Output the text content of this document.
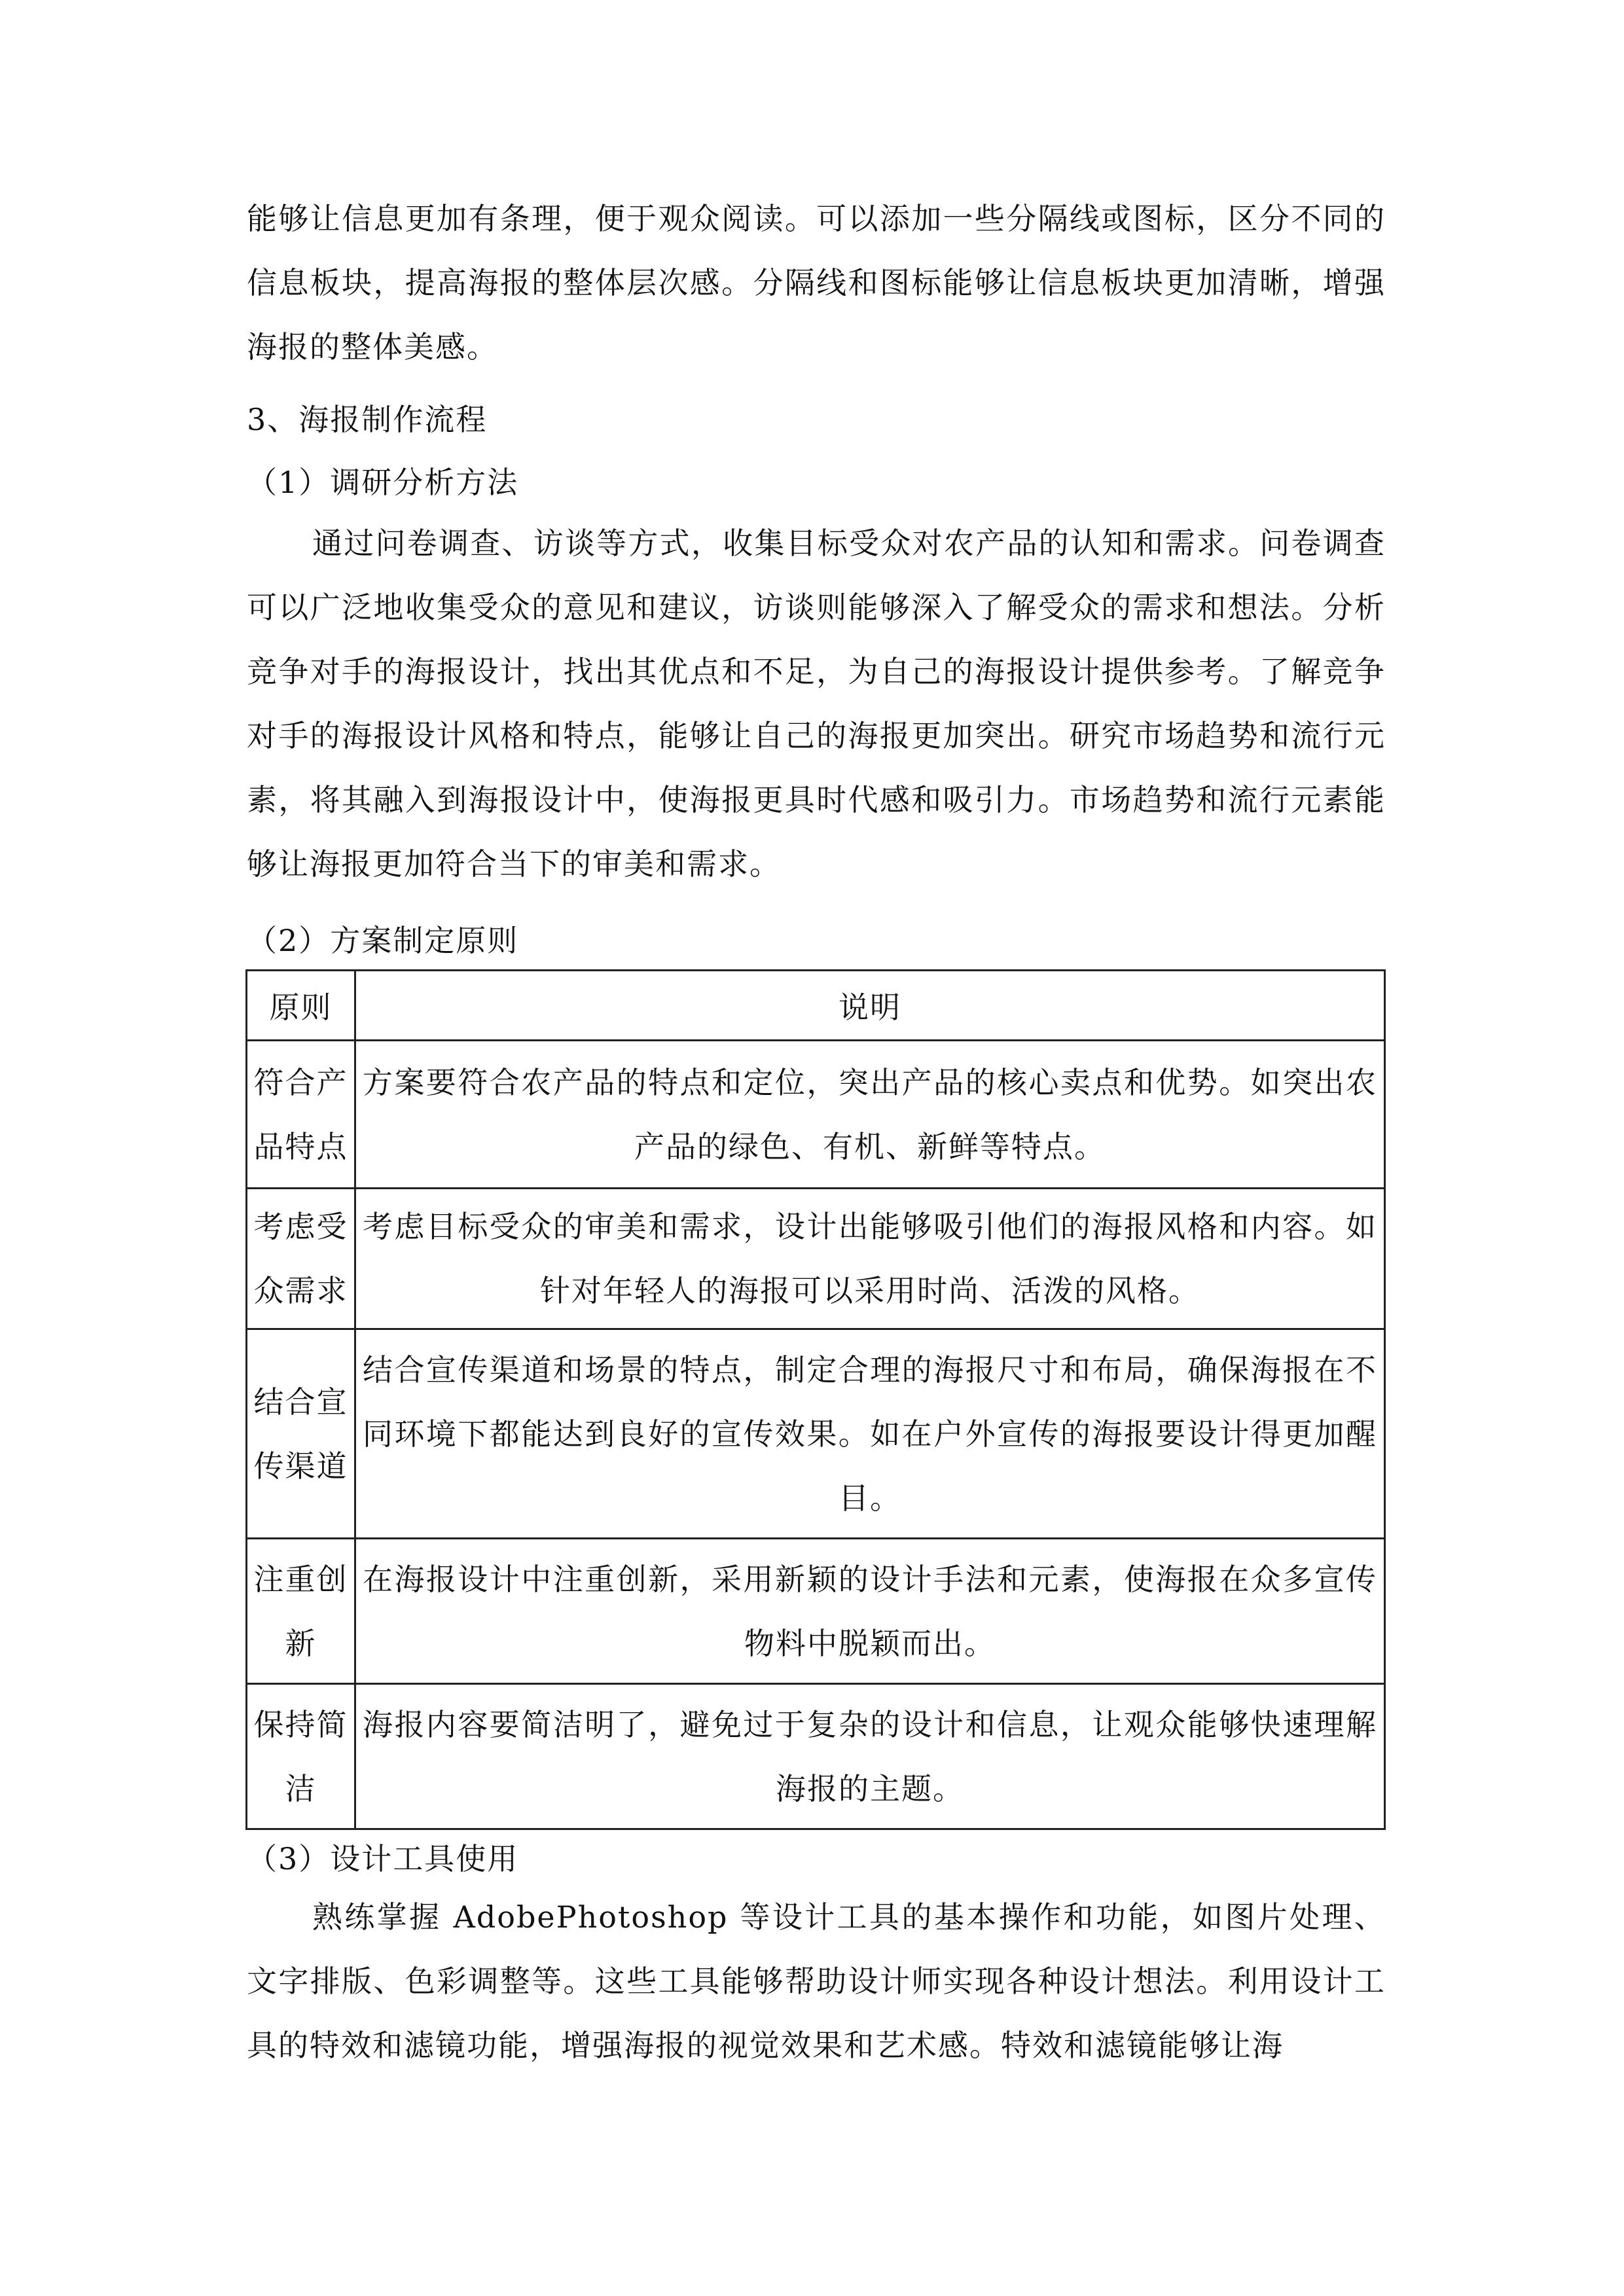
能够让信息更加有条理，便于观众阅读。可以添加一些分隔线或图标，区分不同的信息板块，提高海报的整体层次感。分隔线和图标能够让信息板块更加清晰，增强海报的整体美感。

3、海报制作流程

（1）调研分析方法

通过问卷调查、访谈等方式，收集目标受众对农产品的认知和需求。问卷调查可以广泛地收集受众的意见和建议，访谈则能够深入了解受众的需求和想法。分析竞争对手的海报设计，找出其优点和不足，为自己的海报设计提供参考。了解竞争对手的海报设计风格和特点，能够让自己的海报更加突出。研究市场趋势和流行元素，将其融入到海报设计中，使海报更具时代感和吸引力。市场趋势和流行元素能够让海报更加符合当下的审美和需求。

（2）方案制定原则

原则	说明
符合产品特点	方案要符合农产品的特点和定位，突出产品的核心卖点和优势。如突出农产品的绿色、有机、新鲜等特点。
考虑受众需求	考虑目标受众的审美和需求，设计出能够吸引他们的海报风格和内容。如针对年轻人的海报可以采用时尚、活泼的风格。
结合宣传渠道	结合宣传渠道和场景的特点，制定合理的海报尺寸和布局，确保海报在不同环境下都能达到良好的宣传效果。如在户外宣传的海报要设计得更加醒目。
注重创新	在海报设计中注重创新，采用新颖的设计手法和元素，使海报在众多宣传物料中脱颖而出。
保持简洁	海报内容要简洁明了，避免过于复杂的设计和信息，让观众能够快速理解海报的主题。

（3）设计工具使用

熟练掌握 AdobePhotoshop 等设计工具的基本操作和功能，如图片处理、文字排版、色彩调整等。这些工具能够帮助设计师实现各种设计想法。利用设计工具的特效和滤镜功能，增强海报的视觉效果和艺术感。特效和滤镜能够让海
